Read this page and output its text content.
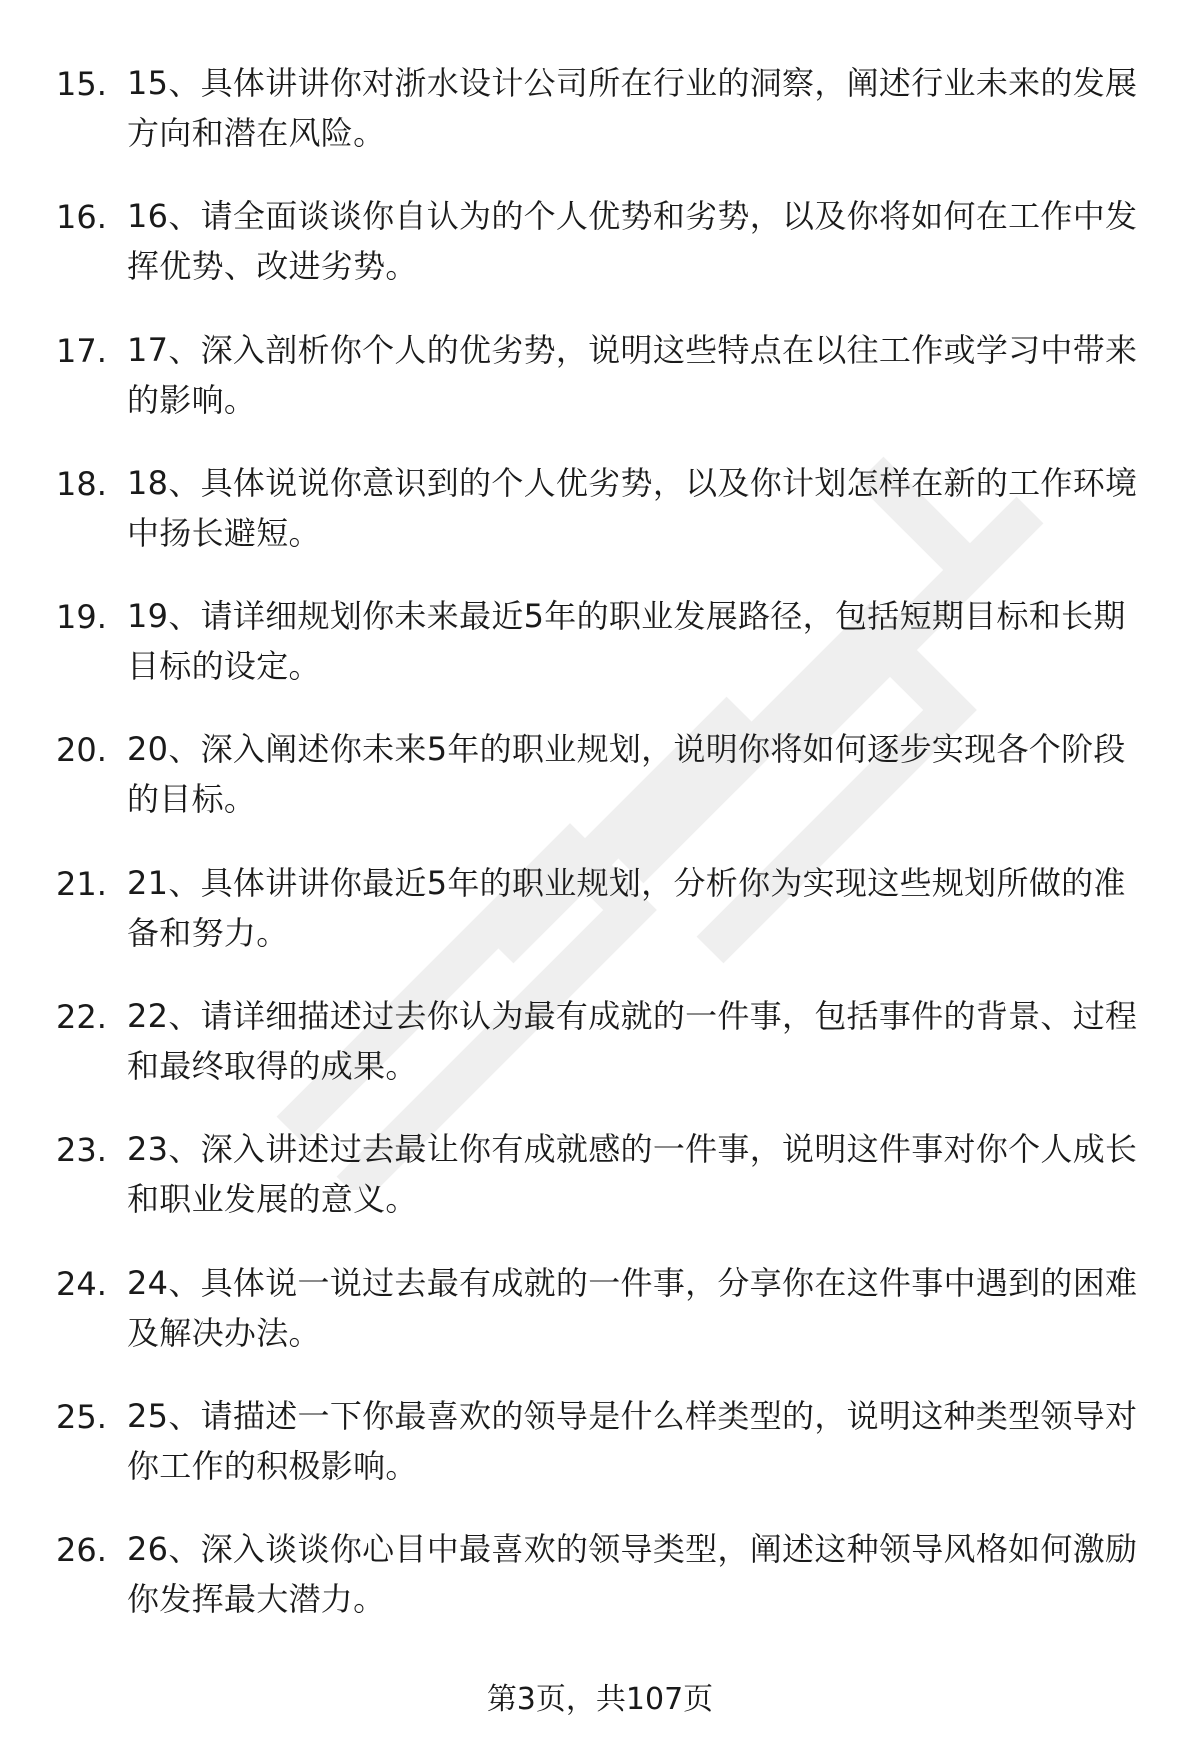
15. 15、具体讲讲你对浙水设计公司所在行业的洞察，阐述行业未来的发展方向和潜在风险。
16. 16、请全面谈谈你自认为的个人优势和劣势，以及你将如何在工作中发挥优势、改进劣势。
17. 17、深入剖析你个人的优劣势，说明这些特点在以往工作或学习中带来的影响。
18. 18、具体说说你意识到的个人优劣势，以及你计划怎样在新的工作环境中扬长避短。
19. 19、请详细规划你未来最近5年的职业发展路径，包括短期目标和长期目标的设定。
20. 20、深入阐述你未来5年的职业规划，说明你将如何逐步实现各个阶段的目标。
21. 21、具体讲讲你最近5年的职业规划，分析你为实现这些规划所做的准备和努力。
22. 22、请详细描述过去你认为最有成就的一件事，包括事件的背景、过程和最终取得的成果。
23. 23、深入讲述过去最让你有成就感的一件事，说明这件事对你个人成长和职业发展的意义。
24. 24、具体说一说过去最有成就的一件事，分享你在这件事中遇到的困难及解决办法。
25. 25、请描述一下你最喜欢的领导是什么样类型的，说明这种类型领导对你工作的积极影响。
26. 26、深入谈谈你心目中最喜欢的领导类型，阐述这种领导风格如何激励你发挥最大潜力。
第3页，共107页
